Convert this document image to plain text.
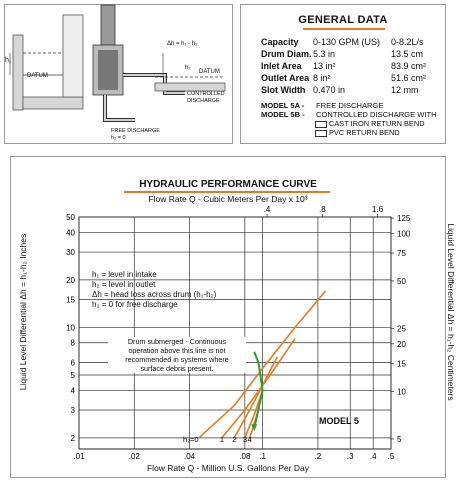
DATUM
h₁
Δh = h₁ - h₂
h₂
DATUM
CONTROLLED
DISCHARGE
FREE DISCHARGE
h₂ = 0
GENERAL DATA
Capacity 0-130 GPM (US) 0-8.2L/s
Drum Diam.5.3 in	13.5 cm
Inlet Area 13 in²	83.9 cm²
Outlet Area 8 in²	51.6 cm²
Slot Width 0.470 in	12 mm
MODEL 5A - FREE DISCHARGE
MODEL 5B - CONTROLLED DISCHARGE WITH
CAST IRON RETURN BEND
PVC RETURN BEND
HYDRAULIC PERFORMANCE CURVE
Flow Rate Q - Cubic Meters Per Day x 10³
Flow Rate Q - Million U.S. Gallons Per Day
Liquid Level Differential Δh = h₁-h₂ Inches	Liquid Level Differential Δh = h₁-h₂ Centimeters
.01	.02	.04	.08 .1	.2	.3 .4 .5
2
3
4
5
6
8
10
15
20
30
40
50
.4	.8	1.6
5
10
15
20
25
50
75
100
125
h₂=0	1 2 3 4
h₁ = level in intake
h₂ = level in outlet
Δh = head loss across drum (h₁-h₂)
h₂ = 0 for free discharge
Drum submerged - Continuous
operation above this line is not
recommended in systems where
surface debris present.
MODEL 5
